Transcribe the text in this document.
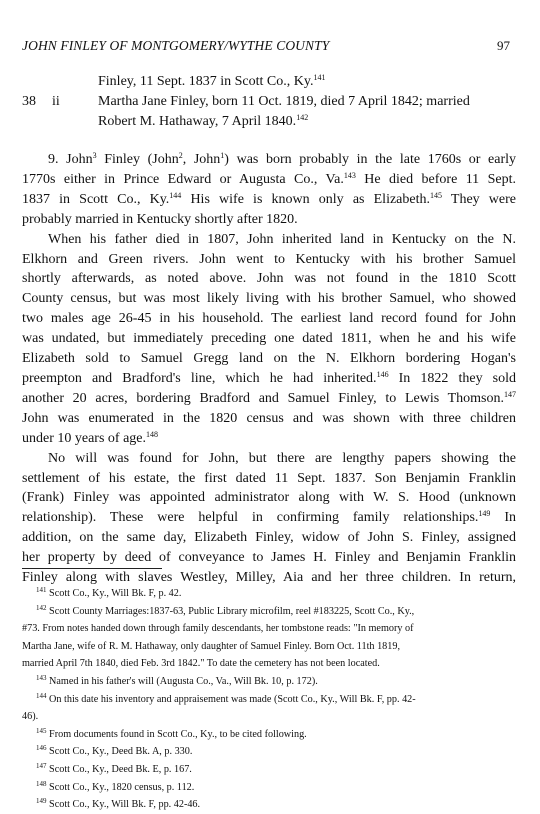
JOHN FINLEY OF MONTGOMERY/WYTHE COUNTY	97
Finley, 11 Sept. 1837 in Scott Co., Ky.$^{141}$
38	ii	Martha Jane Finley, born 11 Oct. 1819, died 7 April 1842; married
Robert M. Hathaway, 7 April 1840.$^{142}$
9. John$^3$ Finley (John$^2$, John$^1$) was born probably in the late 1760s or early
1770s either in Prince Edward or Augusta Co., Va.$^{143}$ He died before 11 Sept.
1837 in Scott Co., Ky.$^{144}$ His wife is known only as Elizabeth.$^{145}$ They were
probably married in Kentucky shortly after 1820.
When his father died in 1807, John inherited land in Kentucky on the N.
Elkhorn and Green rivers. John went to Kentucky with his brother Samuel
shortly afterwards, as noted above. John was not found in the 1810 Scott
County census, but was most likely living with his brother Samuel, who showed
two males age 26-45 in his household. The earliest land record found for John
was undated, but immediately preceding one dated 1811, when he and his wife
Elizabeth sold to Samuel Gregg land on the N. Elkhorn bordering Hogan's
preempton and Bradford's line, which he had inherited.$^{146}$ In 1822 they sold
another 20 acres, bordering Bradford and Samuel Finley, to Lewis Thomson.$^{147}$
John was enumerated in the 1820 census and was shown with three children
under 10 years of age.$^{148}$
No will was found for John, but there are lengthy papers showing the
settlement of his estate, the first dated 11 Sept. 1837. Son Benjamin Franklin
(Frank) Finley was appointed administrator along with W. S. Hood (unknown
relationship). These were helpful in confirming family relationships.$^{149}$ In
addition, on the same day, Elizabeth Finley, widow of John S. Finley, assigned
her property by deed of conveyance to James H. Finley and Benjamin Franklin
Finley along with slaves Westley, Milley, Aia and her three children. In return,
$^{141}$ Scott Co., Ky., Will Bk. F, p. 42.
$^{142}$ Scott County Marriages:1837-63, Public Library microfilm, reel #183225, Scott Co., Ky.,
#73. From notes handed down through family descendants, her tombstone reads: "In memory of
Martha Jane, wife of R. M. Hathaway, only daughter of Samuel Finley. Born Oct. 11th 1819,
married April 7th 1840, died Feb. 3rd 1842." To date the cemetery has not been located.
$^{143}$ Named in his father's will (Augusta Co., Va., Will Bk. 10, p. 172).
$^{144}$ On this date his inventory and appraisement was made (Scott Co., Ky., Will Bk. F, pp. 42-
46).
$^{145}$ From documents found in Scott Co., Ky., to be cited following.
$^{146}$ Scott Co., Ky., Deed Bk. A, p. 330.
$^{147}$ Scott Co., Ky., Deed Bk. E, p. 167.
$^{148}$ Scott Co., Ky., 1820 census, p. 112.
$^{149}$ Scott Co., Ky., Will Bk. F, pp. 42-46.
